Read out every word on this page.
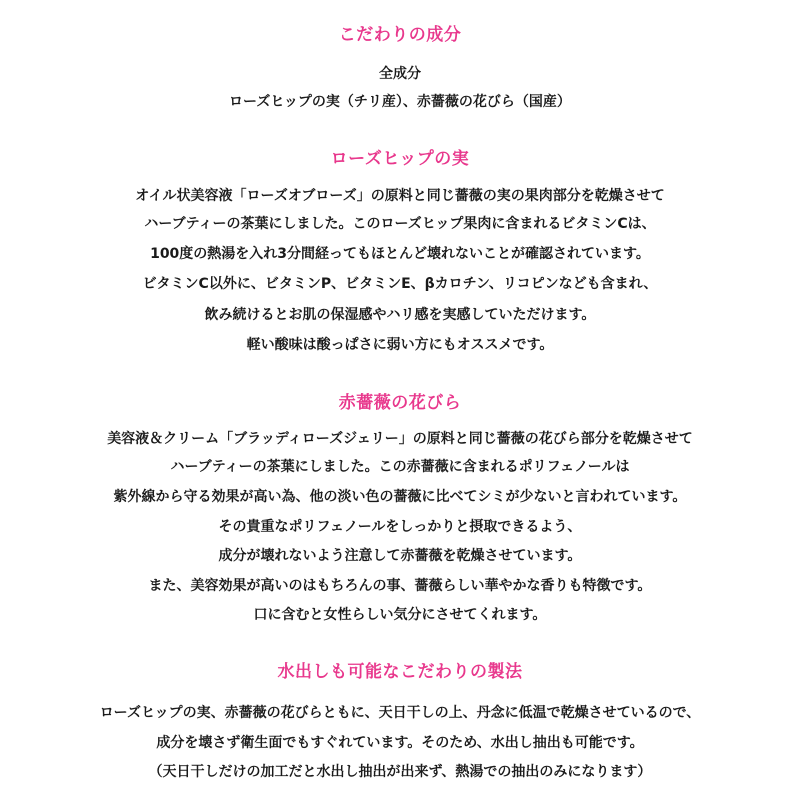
こだわりの成分
全成分
ローズヒップの実（チリ産）、赤薔薇の花びら（国産）
ローズヒップの実
オイル状美容液「ローズオブローズ」の原料と同じ薔薇の実の果肉部分を乾燥させて
ハーブティーの茶葉にしました。このローズヒップ果肉に含まれるビタミンCは、
100度の熱湯を入れ3分間経ってもほとんど壊れないことが確認されています。
ビタミンC以外に、ビタミンP、ビタミンE、βカロチン、リコピンなども含まれ、
飲み続けるとお肌の保湿感やハリ感を実感していただけます。
軽い酸味は酸っぱさに弱い方にもオススメです。
赤薔薇の花びら
美容液＆クリーム「ブラッディローズジェリー」の原料と同じ薔薇の花びら部分を乾燥させて
ハーブティーの茶葉にしました。この赤薔薇に含まれるポリフェノールは
紫外線から守る効果が高い為、他の淡い色の薔薇に比べてシミが少ないと言われています。
その貴重なポリフェノールをしっかりと摂取できるよう、
成分が壊れないよう注意して赤薔薇を乾燥させています。
また、美容効果が高いのはもちろんの事、薔薇らしい華やかな香りも特徴です。
口に含むと女性らしい気分にさせてくれます。
水出しも可能なこだわりの製法
ローズヒップの実、赤薔薇の花びらともに、天日干しの上、丹念に低温で乾燥させているので、
成分を壊さず衛生面でもすぐれています。そのため、水出し抽出も可能です。
（天日干しだけの加工だと水出し抽出が出来ず、熱湯での抽出のみになります）
